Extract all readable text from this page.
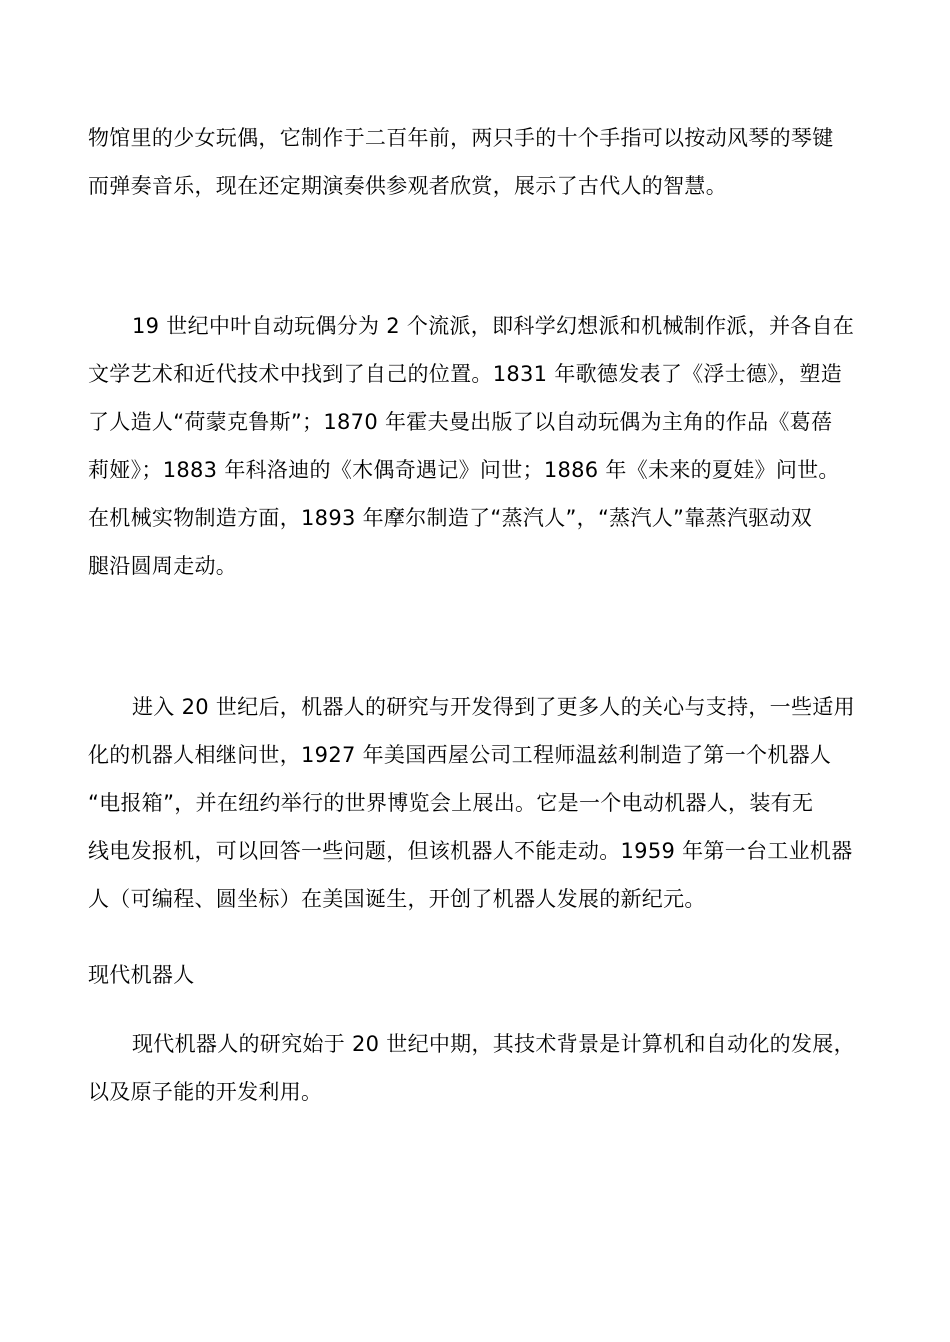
物馆里的少女玩偶，它制作于二百年前，两只手的十个手指可以按动风琴的琴键
而弹奏音乐，现在还定期演奏供参观者欣赏，展示了古代人的智慧。

19 世纪中叶自动玩偶分为 2 个流派，即科学幻想派和机械制作派，并各自在
文学艺术和近代技术中找到了自己的位置。1831 年歌德发表了《浮士德》，塑造
了人造人“荷蒙克鲁斯”；1870 年霍夫曼出版了以自动玩偶为主角的作品《葛蓓
莉娅》；1883 年科洛迪的《木偶奇遇记》问世；1886 年《未来的夏娃》问世。
在机械实物制造方面，1893 年摩尔制造了“蒸汽人”，“蒸汽人”靠蒸汽驱动双
腿沿圆周走动。

进入 20 世纪后，机器人的研究与开发得到了更多人的关心与支持，一些适用
化的机器人相继问世，1927 年美国西屋公司工程师温兹利制造了第一个机器人
“电报箱”，并在纽约举行的世界博览会上展出。它是一个电动机器人，装有无
线电发报机，可以回答一些问题，但该机器人不能走动。1959 年第一台工业机器
人（可编程、圆坐标）在美国诞生，开创了机器人发展的新纪元。

现代机器人

现代机器人的研究始于 20 世纪中期，其技术背景是计算机和自动化的发展，
以及原子能的开发利用。
